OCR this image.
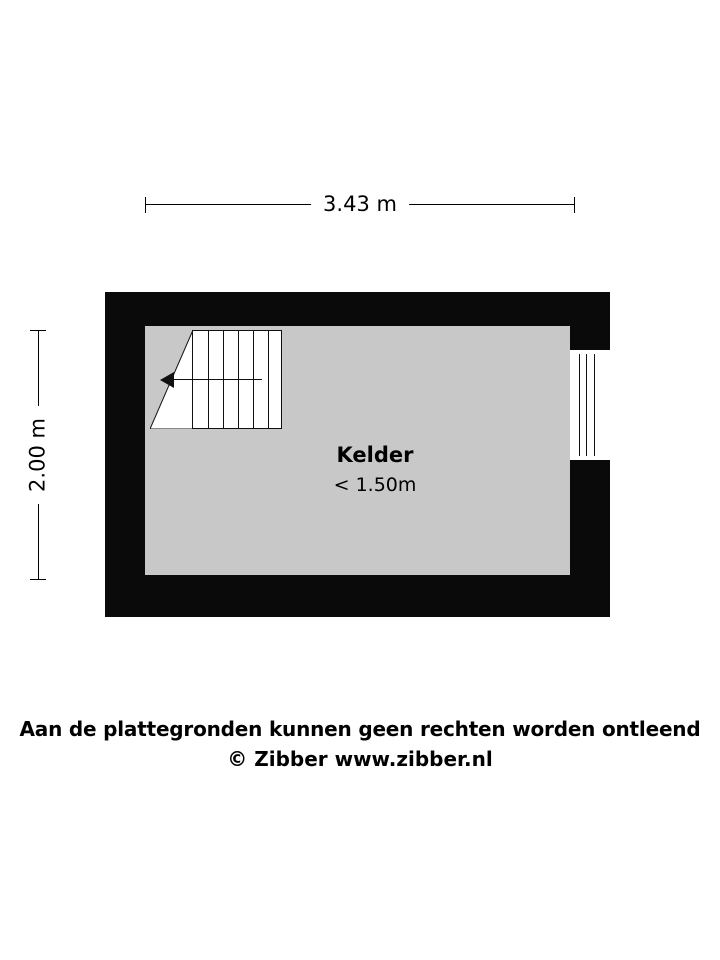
3.43 m
2.00 m	Kelder
< 1.50m
Aan de plattegronden kunnen geen rechten worden ontleend
© Zibber www.zibber.nl
